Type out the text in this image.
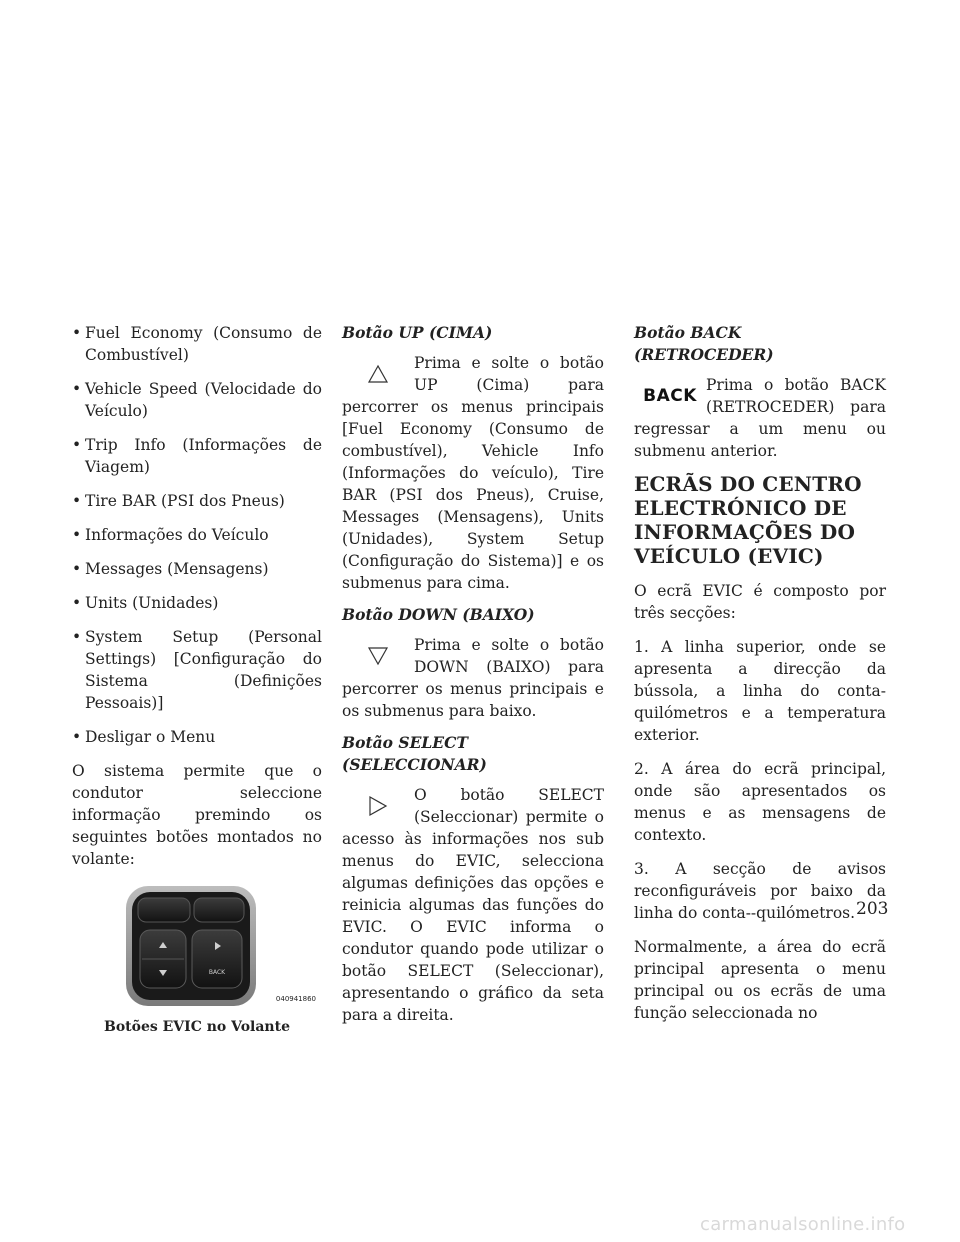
• Fuel Economy (Consumo de Combustível)
• Vehicle Speed (Velocidade do Veículo)
• Trip Info (Informações de Viagem)
• Tire BAR (PSI dos Pneus)
• Informações do Veículo
• Messages (Mensagens)
• Units (Unidades)
• System Setup (Personal Settings) [Configuração do Sistema (Definições Pessoais)]
• Desligar o Menu

O sistema permite que o condutor seleccione informação premindo os seguintes botões montados no volante:

BACK
040941860
Botões EVIC no Volante
Botão UP (CIMA)

Prima e solte o botão UP (Cima) para percorrer os menus principais [Fuel Economy (Consumo de combustível), Vehicle Info (Informações do veículo), Tire BAR (PSI dos Pneus), Cruise, Messages (Mensagens), Units (Unidades), System Setup (Configuração do Sistema)] e os submenus para cima.

Botão DOWN (BAIXO)

Prima e solte o botão DOWN (BAIXO) para percorrer os menus principais e os submenus para baixo.

Botão SELECT (SELECCIONAR)

O botão SELECT (Seleccionar) permite o acesso às informações nos sub menus do EVIC, selecciona algumas definições das opções e reinicia algumas das funções do EVIC. O EVIC informa o condutor quando pode utilizar o botão SELECT (Seleccionar), apresentando o gráfico da seta para a direita.

Botão BACK (RETROCEDER)
BACK

Prima o botão BACK (RETROCEDER) para regressar a um menu ou submenu anterior.

ECRÃS DO CENTRO ELECTRÓNICO DE INFORMAÇÕES DO VEÍCULO (EVIC)

O ecrã EVIC é composto por três secções:

1. A linha superior, onde se apresenta a direcção da bússola, a linha do conta-quilómetros e a temperatura exterior.

2. A área do ecrã principal, onde são apresentados os menus e as mensagens de contexto.

3. A secção de avisos reconfiguráveis por baixo da linha do conta--quilómetros.

Normalmente, a área do ecrã principal apresenta o menu principal ou os ecrãs de uma função seleccionada no

203
carmanualsonline.info
